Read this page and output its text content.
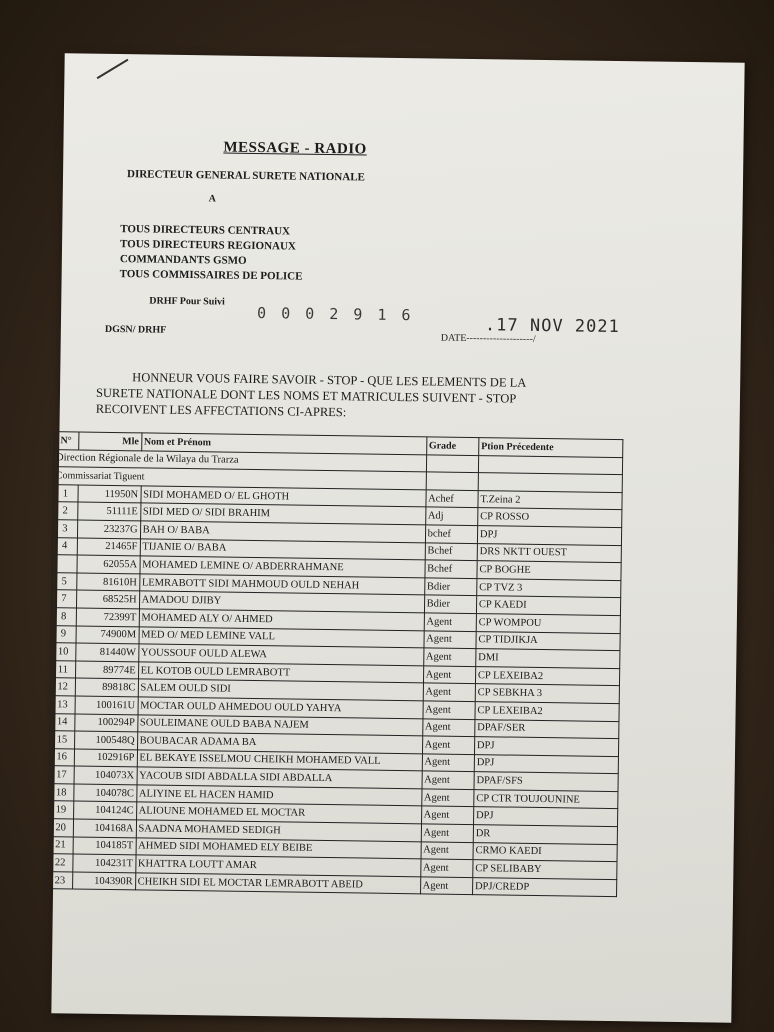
MESSAGE - RADIO
DIRECTEUR GENERAL SURETE NATIONALE
A
TOUS DIRECTEURS CENTRAUX
TOUS DIRECTEURS REGIONAUX
COMMANDANTS GSMO
TOUS COMMISSAIRES DE POLICE
DRHF Pour Suivi
0 0 0 2 9 1 6
.17 NOV 2021
DGSN/ DRHF
DATE--------------------/
HONNEUR VOUS FAIRE SAVOIR - STOP - QUE LES ELEMENTS DE LA
SURETE NATIONALE DONT LES NOMS ET MATRICULES SUIVENT - STOP
RECOIVENT LES AFFECTATIONS CI-APRES:
N°	Mle	Nom et Prénom	Grade	Ption Précedente
Direction Régionale de la Wilaya du Trarza				
Commissariat Tiguent				
1	11950N	SIDI MOHAMED O/ EL GHOTH	Achef	T.Zeina 2
2	51111E	SIDI MED O/ SIDI BRAHIM	Adj	CP ROSSO
3	23237G	BAH O/ BABA	bchef	DPJ
4	21465F	TIJANIE O/ BABA	Bchef	DRS NKTT OUEST
	62055A	MOHAMED LEMINE O/ ABDERRAHMANE	Bchef	CP BOGHE
5	81610H	LEMRABOTT SIDI MAHMOUD OULD NEHAH	Bdier	CP TVZ 3
7	68525H	AMADOU DJIBY	Bdier	CP KAEDI
8	72399T	MOHAMED ALY O/ AHMED	Agent	CP WOMPOU
9	74900M	MED O/ MED LEMINE VALL	Agent	CP TIDJIKJA
10	81440W	YOUSSOUF OULD ALEWA	Agent	DMI
11	89774E	EL KOTOB OULD LEMRABOTT	Agent	CP LEXEIBA2
12	89818C	SALEM OULD SIDI	Agent	CP SEBKHA 3
13	100161U	MOCTAR OULD AHMEDOU OULD YAHYA	Agent	CP LEXEIBA2
14	100294P	SOULEIMANE OULD BABA NAJEM	Agent	DPAF/SER
15	100548Q	BOUBACAR ADAMA BA	Agent	DPJ
16	102916P	EL BEKAYE ISSELMOU CHEIKH MOHAMED VALL	Agent	DPJ
17	104073X	YACOUB SIDI ABDALLA SIDI ABDALLA	Agent	DPAF/SFS
18	104078C	ALIYINE EL HACEN HAMID	Agent	CP CTR TOUJOUNINE
19	104124C	ALIOUNE MOHAMED EL MOCTAR	Agent	DPJ
20	104168A	SAADNA MOHAMED SEDIGH	Agent	DR
21	104185T	AHMED SIDI MOHAMED ELY BEIBE	Agent	CRMO KAEDI
22	104231T	KHATTRA LOUTT AMAR	Agent	CP SELIBABY
23	104390R	CHEIKH SIDI EL MOCTAR LEMRABOTT ABEID	Agent	DPJ/CREDP
